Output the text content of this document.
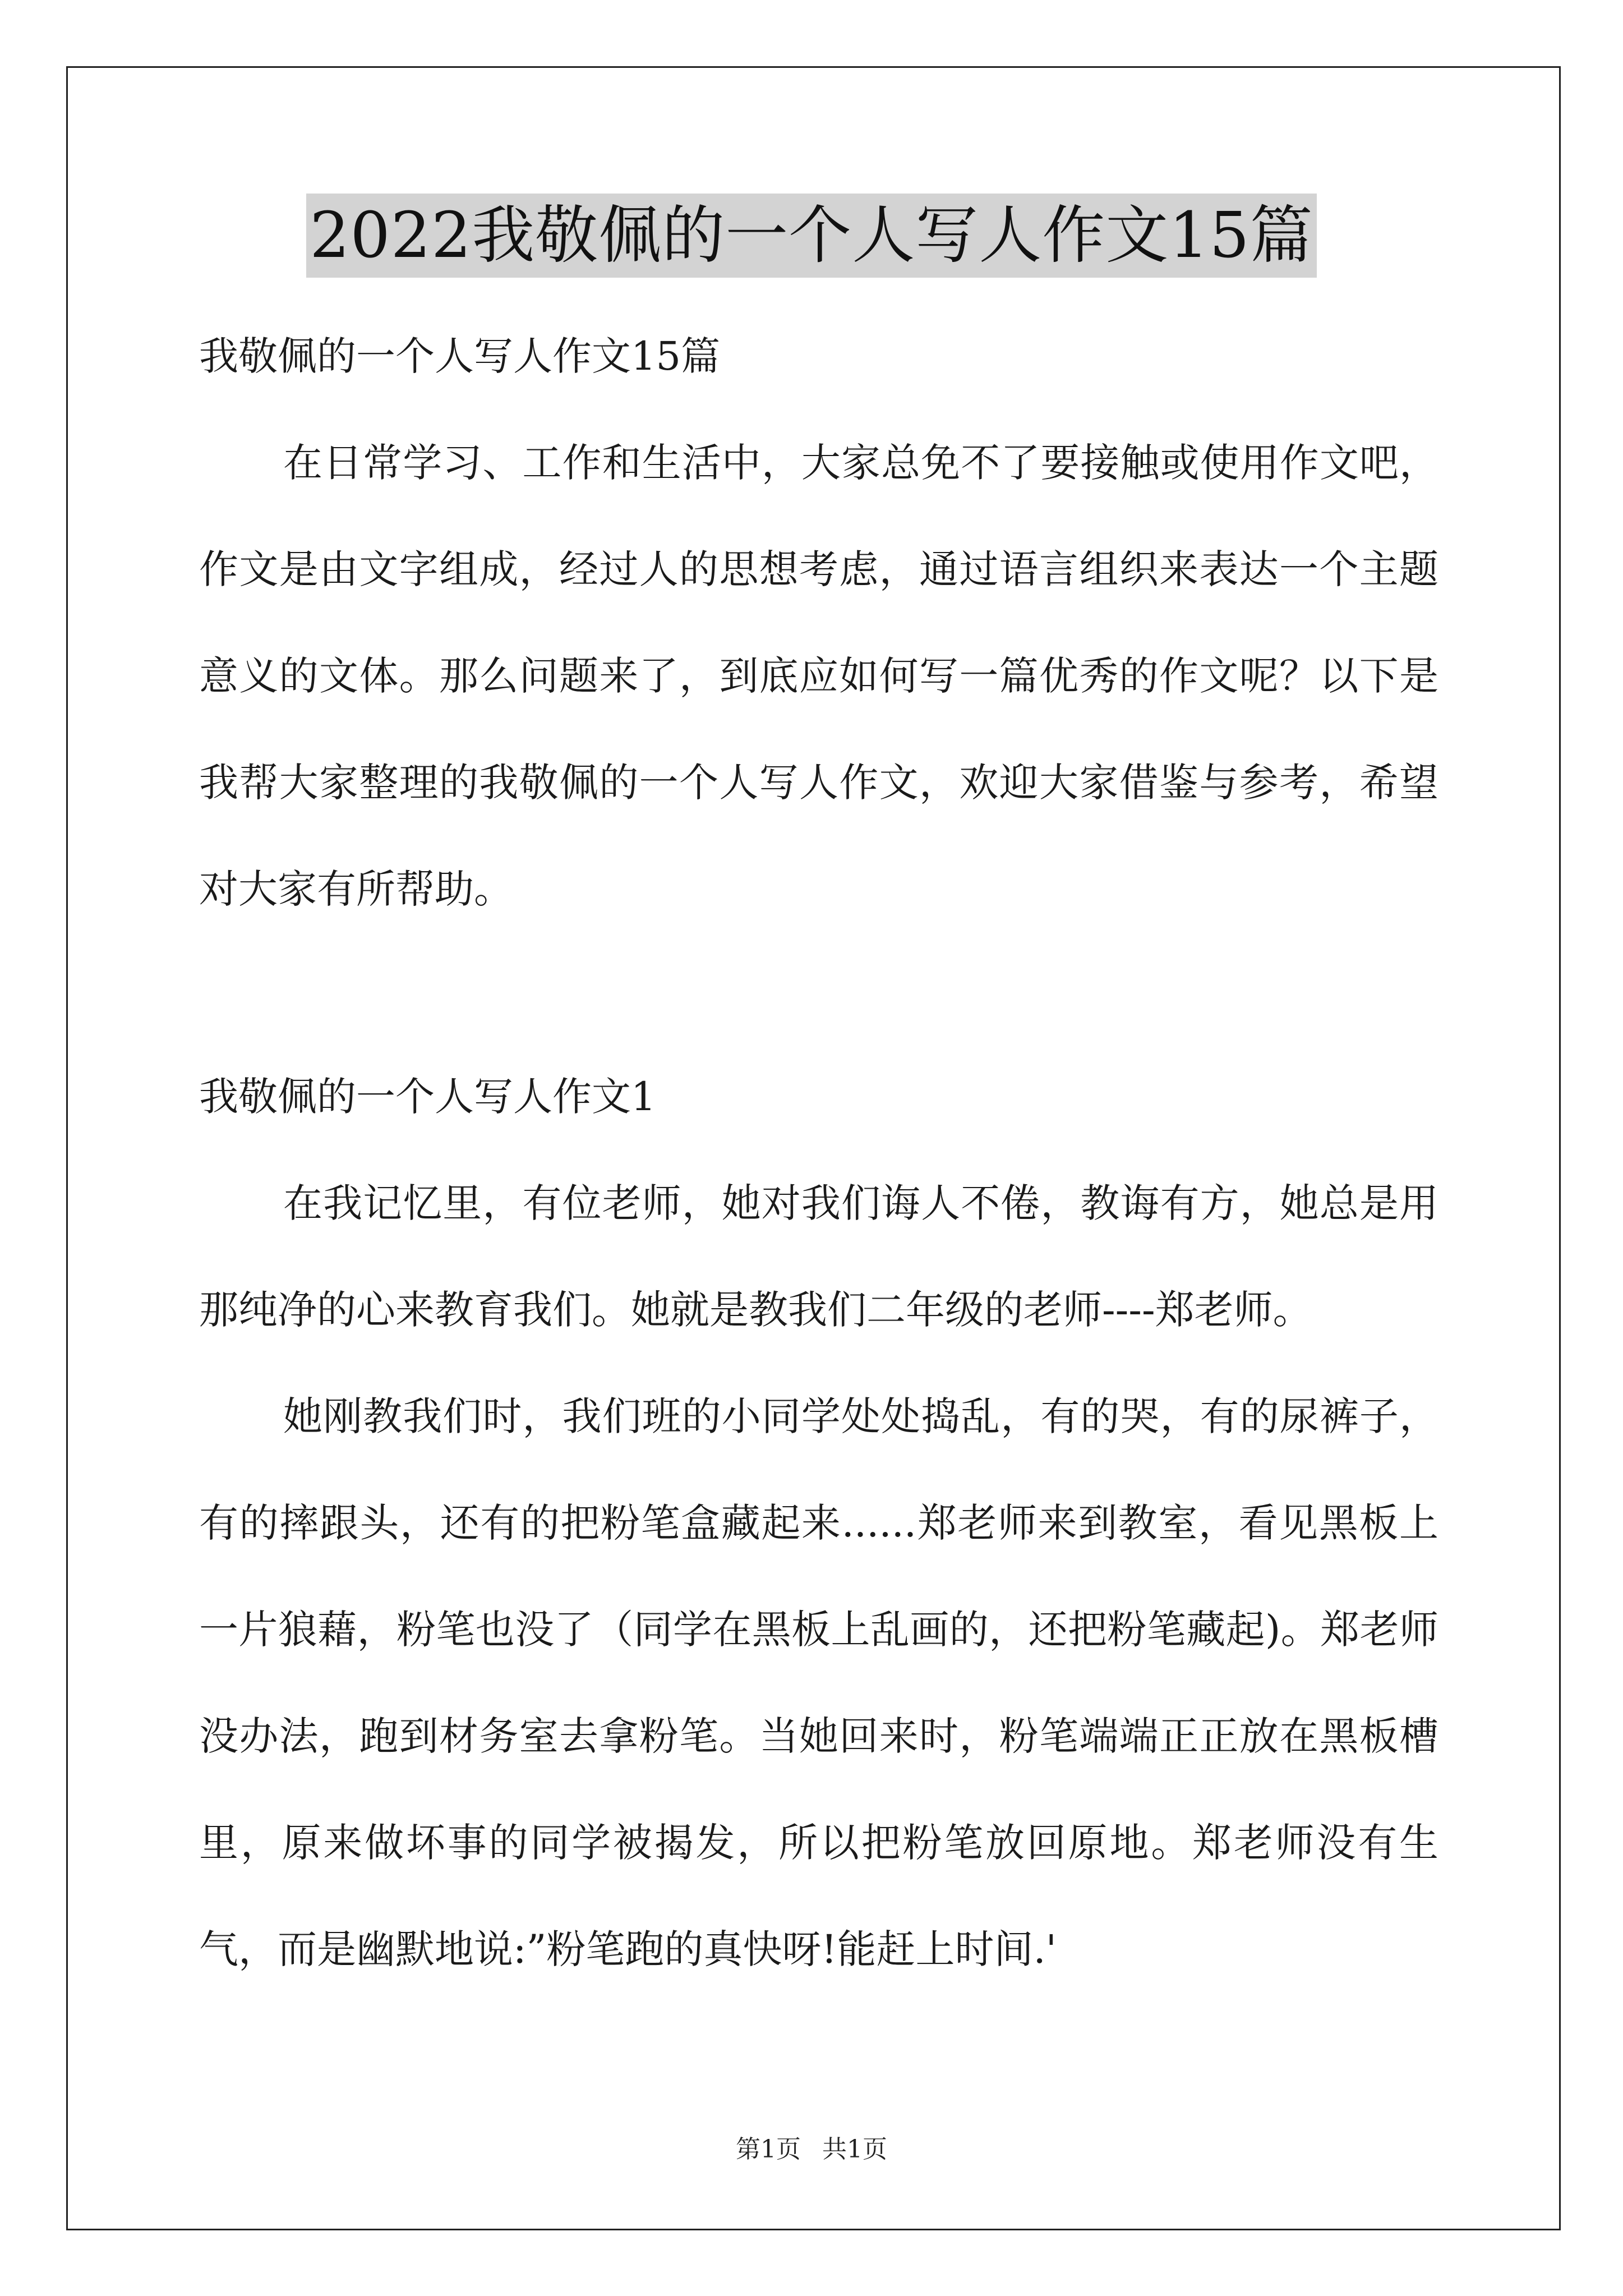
2022我敬佩的一个人写人作文15篇

我敬佩的一个人写人作文15篇

在日常学习、工作和生活中，大家总免不了要接触或使用作文吧，作文是由文字组成，经过人的思想考虑，通过语言组织来表达一个主题意义的文体。那么问题来了，到底应如何写一篇优秀的作文呢？以下是我帮大家整理的我敬佩的一个人写人作文，欢迎大家借鉴与参考，希望对大家有所帮助。

我敬佩的一个人写人作文1

在我记忆里，有位老师，她对我们诲人不倦，教诲有方，她总是用那纯净的心来教育我们。她就是教我们二年级的老师----郑老师。

她刚教我们时，我们班的小同学处处捣乱，有的哭，有的尿裤子，有的摔跟头，还有的把粉笔盒藏起来......郑老师来到教室，看见黑板上一片狼藉，粉笔也没了（同学在黑板上乱画的，还把粉笔藏起)。郑老师没办法，跑到材务室去拿粉笔。当她回来时，粉笔端端正正放在黑板槽里，原来做坏事的同学被揭发，所以把粉笔放回原地。郑老师没有生气，而是幽默地说:”粉笔跑的真快呀!能赶上时间.'

第1页 共1页
